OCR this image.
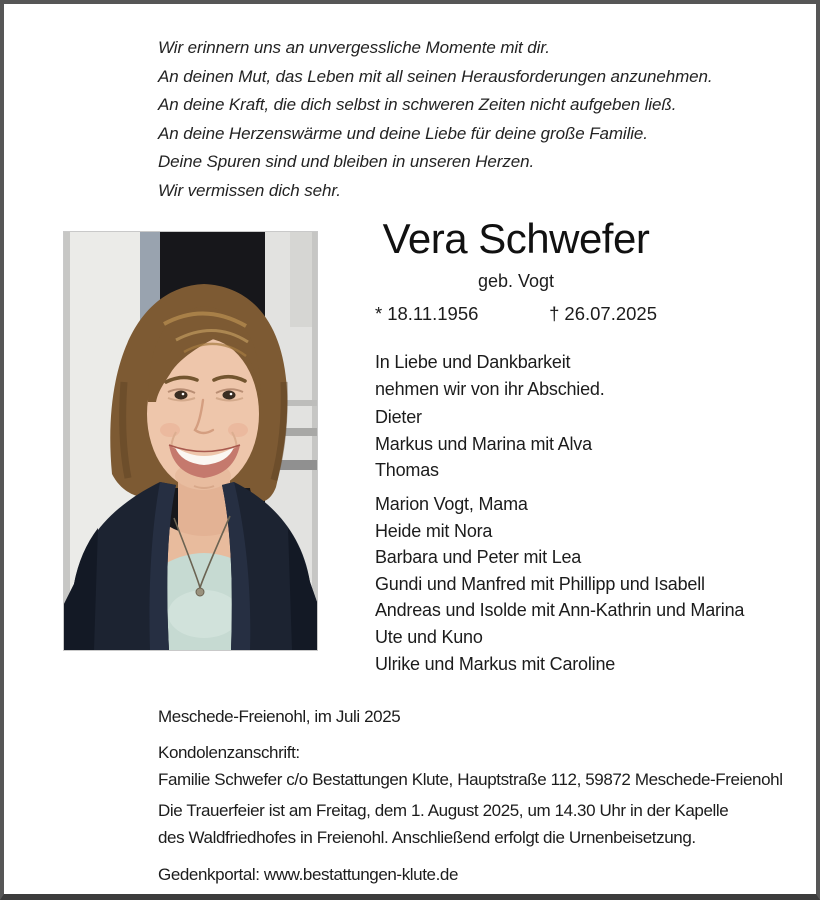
Wir erinnern uns an unvergessliche Momente mit dir.
An deinen Mut, das Leben mit all seinen Herausforderungen anzunehmen.
An deine Kraft, die dich selbst in schweren Zeiten nicht aufgeben ließ.
An deine Herzenswärme und deine Liebe für deine große Familie.
Deine Spuren sind und bleiben in unseren Herzen.
Wir vermissen dich sehr.
Vera Schwefer
geb. Vogt
* 18.11.1956	† 26.07.2025
In Liebe und Dankbarkeit
nehmen wir von ihr Abschied.
Dieter
Markus und Marina mit Alva
Thomas
Marion Vogt, Mama
Heide mit Nora
Barbara und Peter mit Lea
Gundi und Manfred mit Phillipp und Isabell
Andreas und Isolde mit Ann-Kathrin und Marina
Ute und Kuno
Ulrike und Markus mit Caroline
Meschede-Freienohl, im Juli 2025
Kondolenzanschrift:
Familie Schwefer c/o Bestattungen Klute, Hauptstraße 112, 59872 Meschede-Freienohl
Die Trauerfeier ist am Freitag, dem 1. August 2025, um 14.30 Uhr in der Kapelle
des Waldfriedhofes in Freienohl. Anschließend erfolgt die Urnenbeisetzung.
Gedenkportal: www.bestattungen-klute.de
